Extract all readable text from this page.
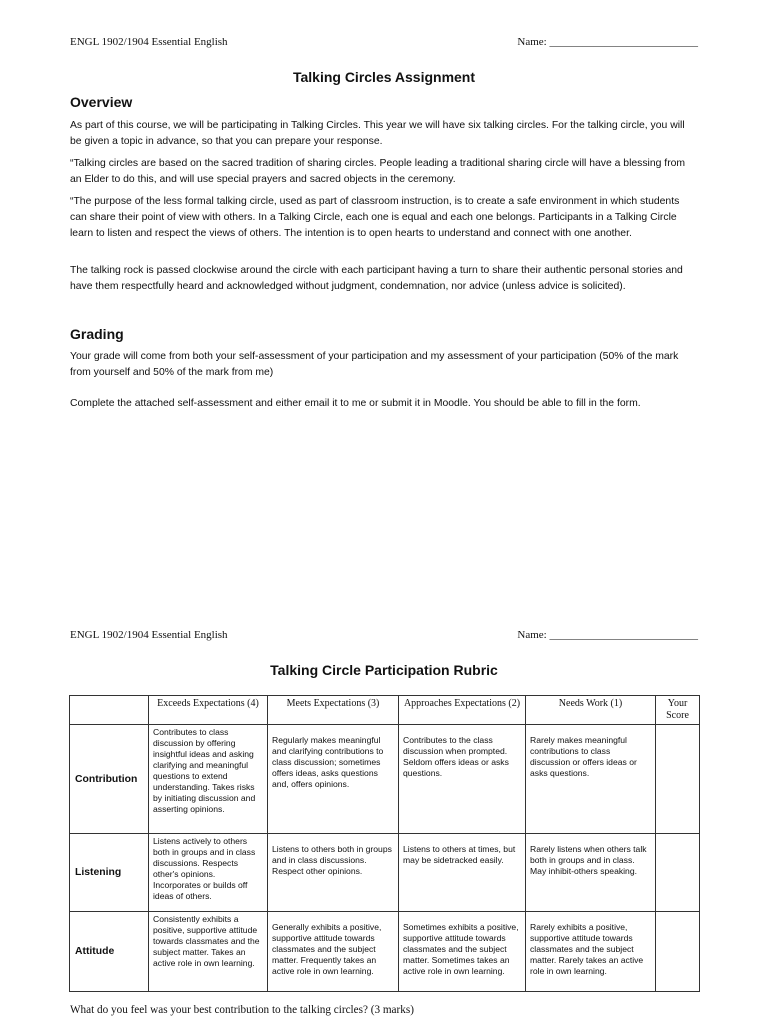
ENGL 1902/1904 Essential English	Name: ___________________________
Talking Circles Assignment
Overview

As part of this course, we will be participating in Talking Circles. This year we will have six talking circles. For the talking circle, you will be given a topic in advance, so that you can prepare your response.

“Talking circles are based on the sacred tradition of sharing circles. People leading a traditional sharing circle will have a blessing from an Elder to do this, and will use special prayers and sacred objects in the ceremony.

“The purpose of the less formal talking circle, used as part of classroom instruction, is to create a safe environment in which students can share their point of view with others. In a Talking Circle, each one is equal and each one belongs. Participants in a Talking Circle learn to listen and respect the views of others. The intention is to open hearts to understand and connect with one another.

The talking rock is passed clockwise around the circle with each participant having a turn to share their authentic personal stories and have them respectfully heard and acknowledged without judgment, condemnation, nor advice (unless advice is solicited).

Grading

Your grade will come from both your self-assessment of your participation and my assessment of your participation (50% of the mark from yourself and 50% of the mark from me)

Complete the attached self-assessment and either email it to me or submit it in Moodle. You should be able to fill in the form.

ENGL 1902/1904 Essential English	Name: ___________________________
Talking Circle Participation Rubric
	Exceeds Expectations (4)	Meets Expectations (3)	Approaches Expectations (2)	Needs Work (1)	Your Score
Contribution	Contributes to class discussion by offering insightful ideas and asking clarifying and meaningful questions to extend understanding. Takes risks by initiating discussion and asserting opinions.	Regularly makes meaningful and clarifying contributions to class discussion; sometimes offers ideas, asks questions and, offers opinions.	Contributes to the class discussion when prompted. Seldom offers ideas or asks questions.	Rarely makes meaningful contributions to class discussion or offers ideas or asks questions.	

Listening	Listens actively to others both in groups and in class discussions. Respects other's opinions. Incorporates or builds off ideas of others.	Listens to others both in groups and in class discussions. Respect other opinions.	Listens to others at times, but may be sidetracked easily.	Rarely listens when others talk both in groups and in class. May inhibit-others speaking.	

Attitude	Consistently exhibits a positive, supportive attitude towards classmates and the subject matter. Takes an active role in own learning.	Generally exhibits a positive, supportive attitude towards classmates and the subject matter. Frequently takes an active role in own learning.	Sometimes exhibits a positive, supportive attitude towards classmates and the subject matter. Sometimes takes an active role in own learning.	Rarely exhibits a positive, supportive attitude towards classmates and the subject matter. Rarely takes an active role in own learning.	

What do you feel was your best contribution to the talking circles? (3 marks)
